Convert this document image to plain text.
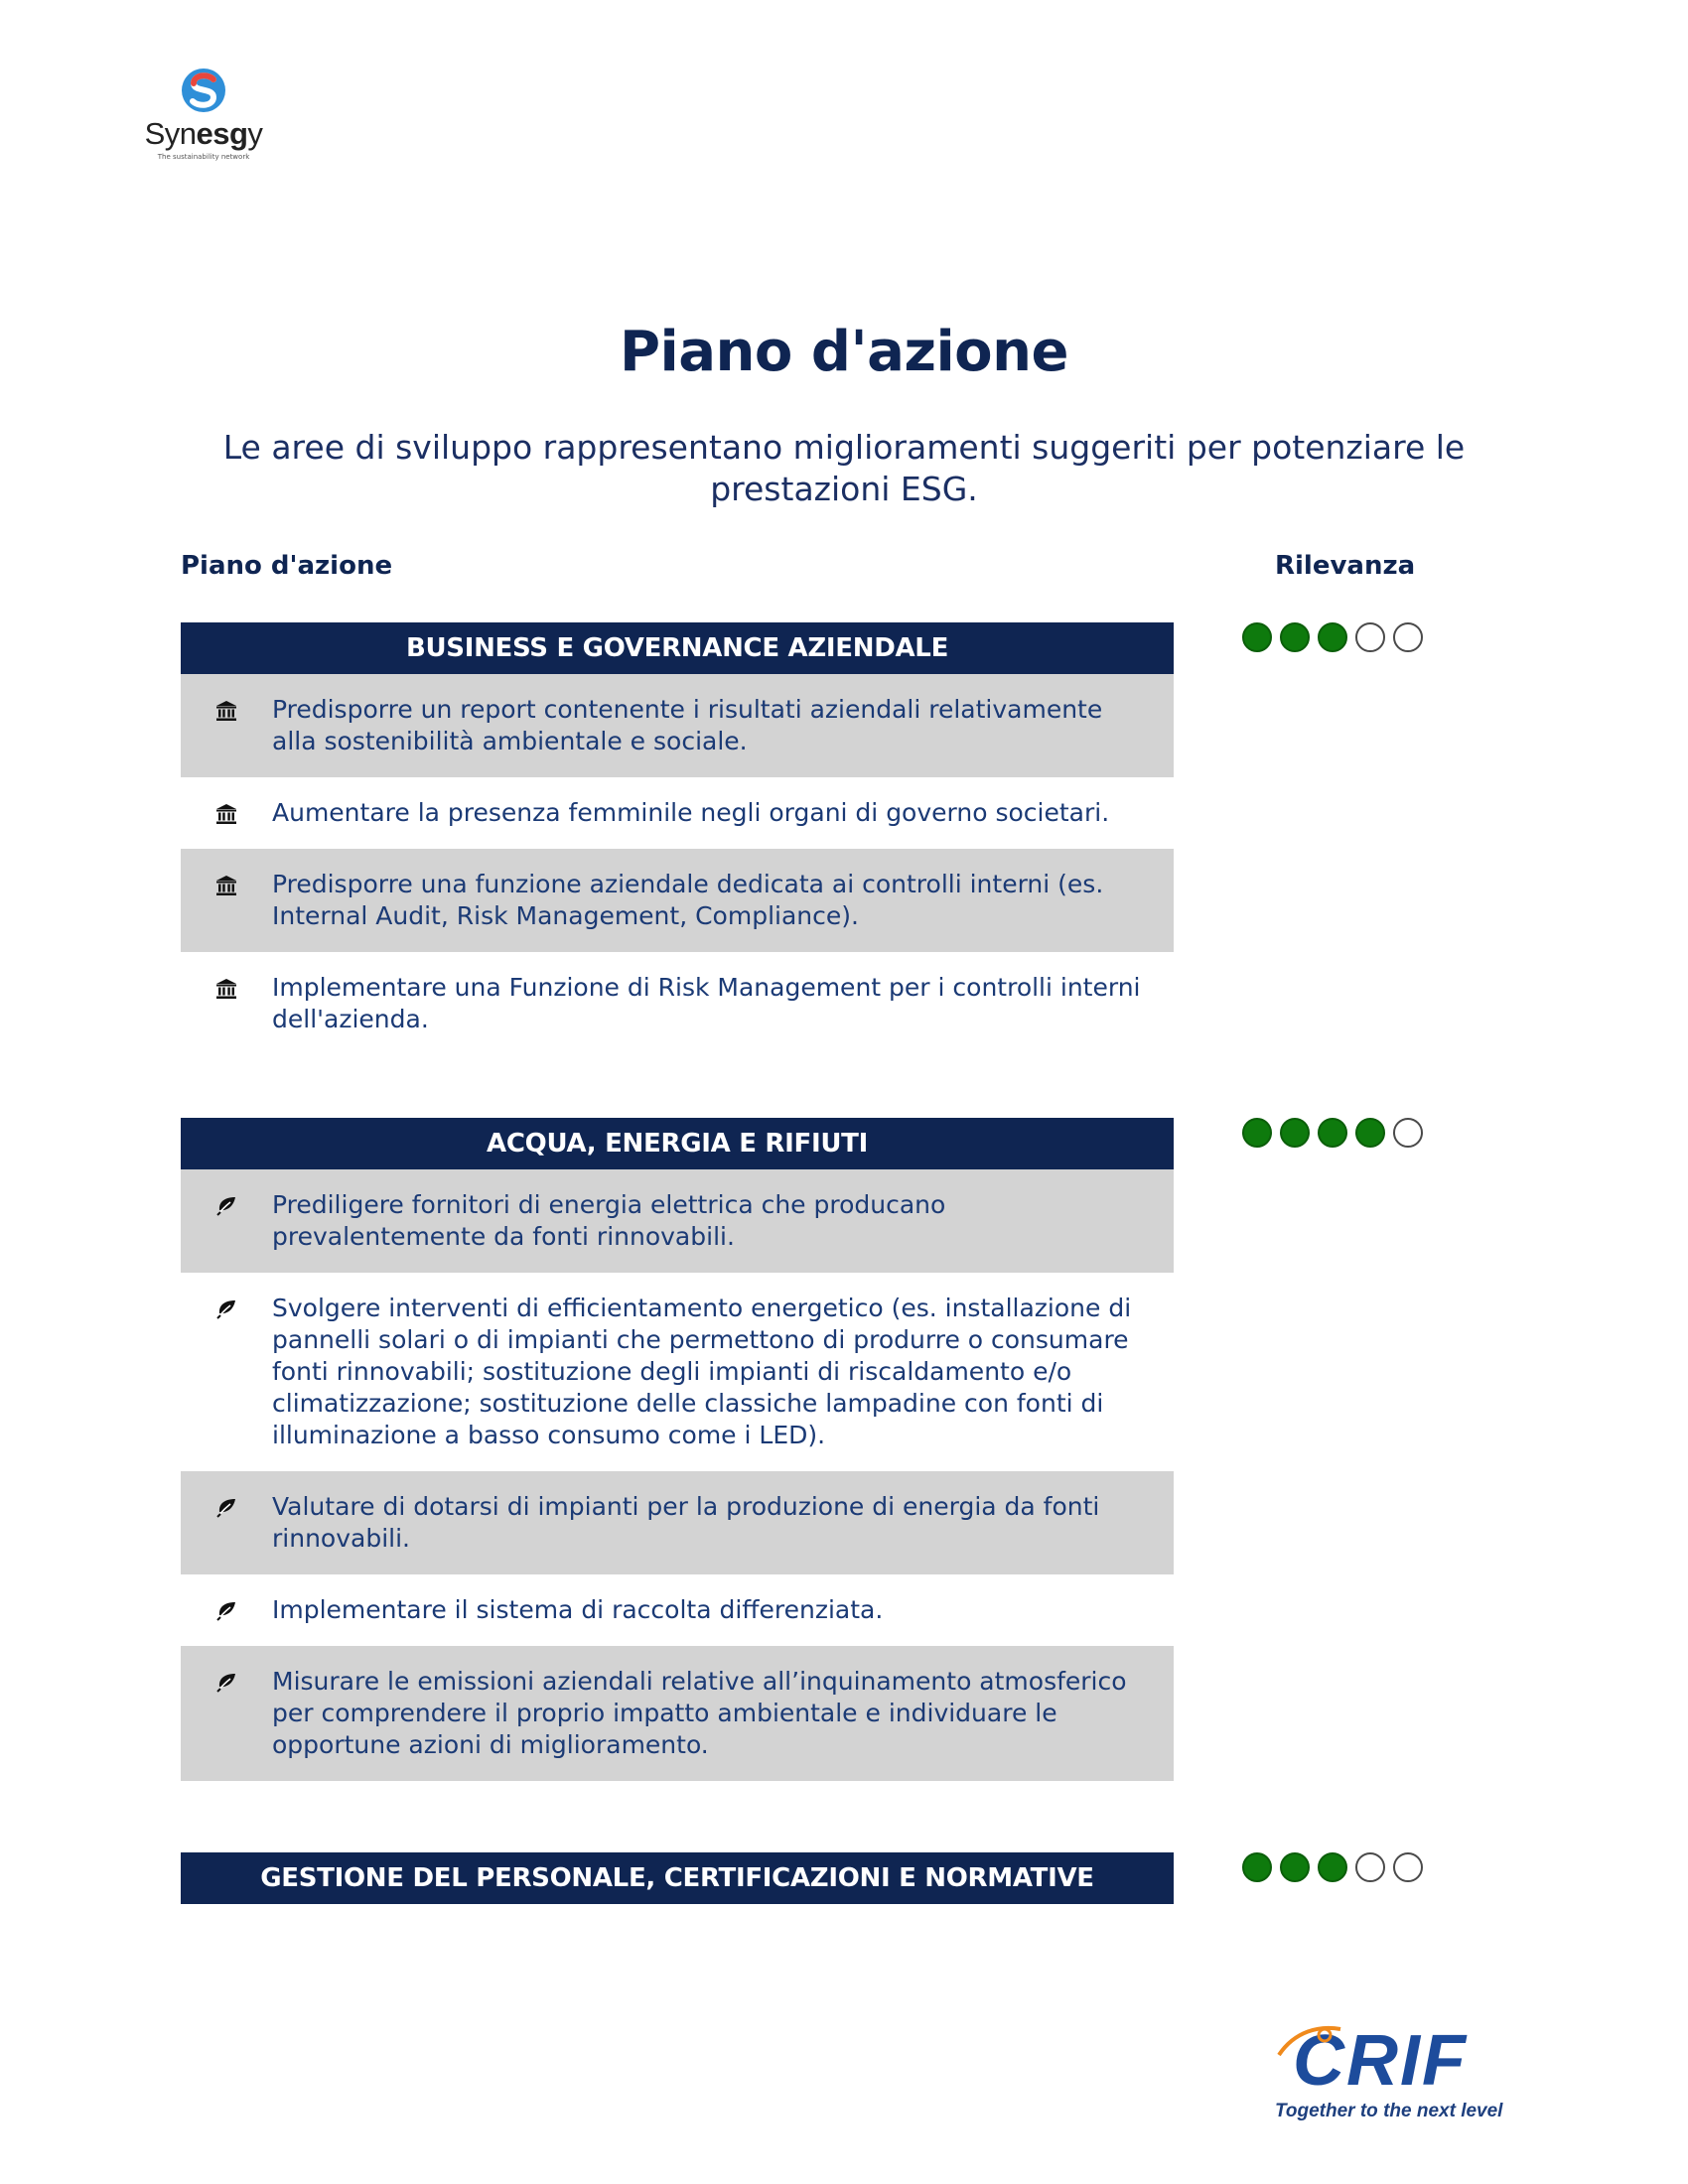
Synesgy
The sustainability network
Piano d'azione
Le aree di sviluppo rappresentano miglioramenti suggeriti per potenziare le prestazioni ESG.
Piano d'azione	Rilevanza
BUSINESS E GOVERNANCE AZIENDALE
Predisporre un report contenente i risultati aziendali relativamente alla sostenibilità ambientale e sociale.
Aumentare la presenza femminile negli organi di governo societari.
Predisporre una funzione aziendale dedicata ai controlli interni (es. Internal Audit, Risk Management, Compliance).
Implementare una Funzione di Risk Management per i controlli interni dell'azienda.
ACQUA, ENERGIA E RIFIUTI
Prediligere fornitori di energia elettrica che producano prevalentemente da fonti rinnovabili.
Svolgere interventi di efficientamento energetico (es. installazione di pannelli solari o di impianti che permettono di produrre o consumare fonti rinnovabili; sostituzione degli impianti di riscaldamento e/o climatizzazione; sostituzione delle classiche lampadine con fonti di illuminazione a basso consumo come i LED).
Valutare di dotarsi di impianti per la produzione di energia da fonti rinnovabili.
Implementare il sistema di raccolta differenziata.
Misurare le emissioni aziendali relative all’inquinamento atmosferico per comprendere il proprio impatto ambientale e individuare le opportune azioni di miglioramento.
GESTIONE DEL PERSONALE, CERTIFICAZIONI E NORMATIVE
CRIF
Together to the next level
